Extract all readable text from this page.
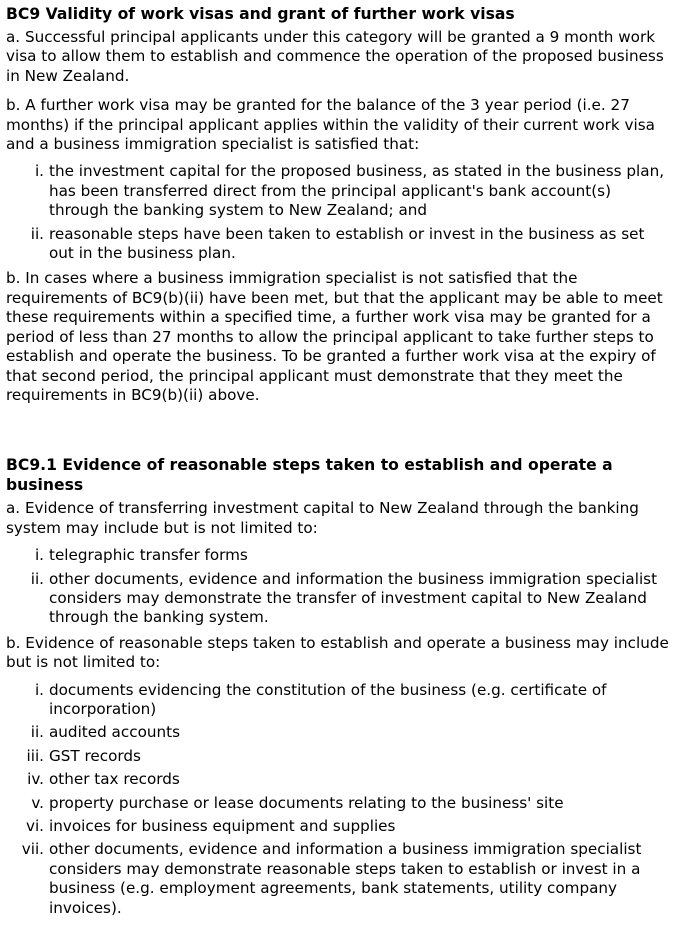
BC9 Validity of work visas and grant of further work visas

a. Successful principal applicants under this category will be granted a 9 month work visa to allow them to establish and commence the operation of the proposed business in New Zealand.

b. A further work visa may be granted for the balance of the 3 year period (i.e. 27 months) if the principal applicant applies within the validity of their current work visa and a business immigration specialist is satisfied that:

i. the investment capital for the proposed business, as stated in the business plan, has been transferred direct from the principal applicant's bank account(s) through the banking system to New Zealand; and
ii. reasonable steps have been taken to establish or invest in the business as set out in the business plan.

b. In cases where a business immigration specialist is not satisfied that the requirements of BC9(b)(ii) have been met, but that the applicant may be able to meet these requirements within a specified time, a further work visa may be granted for a period of less than 27 months to allow the principal applicant to take further steps to establish and operate the business. To be granted a further work visa at the expiry of that second period, the principal applicant must demonstrate that they meet the requirements in BC9(b)(ii) above.

BC9.1 Evidence of reasonable steps taken to establish and operate a business

a. Evidence of transferring investment capital to New Zealand through the banking system may include but is not limited to:

i. telegraphic transfer forms
ii. other documents, evidence and information the business immigration specialist considers may demonstrate the transfer of investment capital to New Zealand through the banking system.

b. Evidence of reasonable steps taken to establish and operate a business may include but is not limited to:

i. documents evidencing the constitution of the business (e.g. certificate of incorporation)
ii. audited accounts
iii. GST records
iv. other tax records
v. property purchase or lease documents relating to the business' site
vi. invoices for business equipment and supplies
vii. other documents, evidence and information a business immigration specialist considers may demonstrate reasonable steps taken to establish or invest in a business (e.g. employment agreements, bank statements, utility company invoices).
